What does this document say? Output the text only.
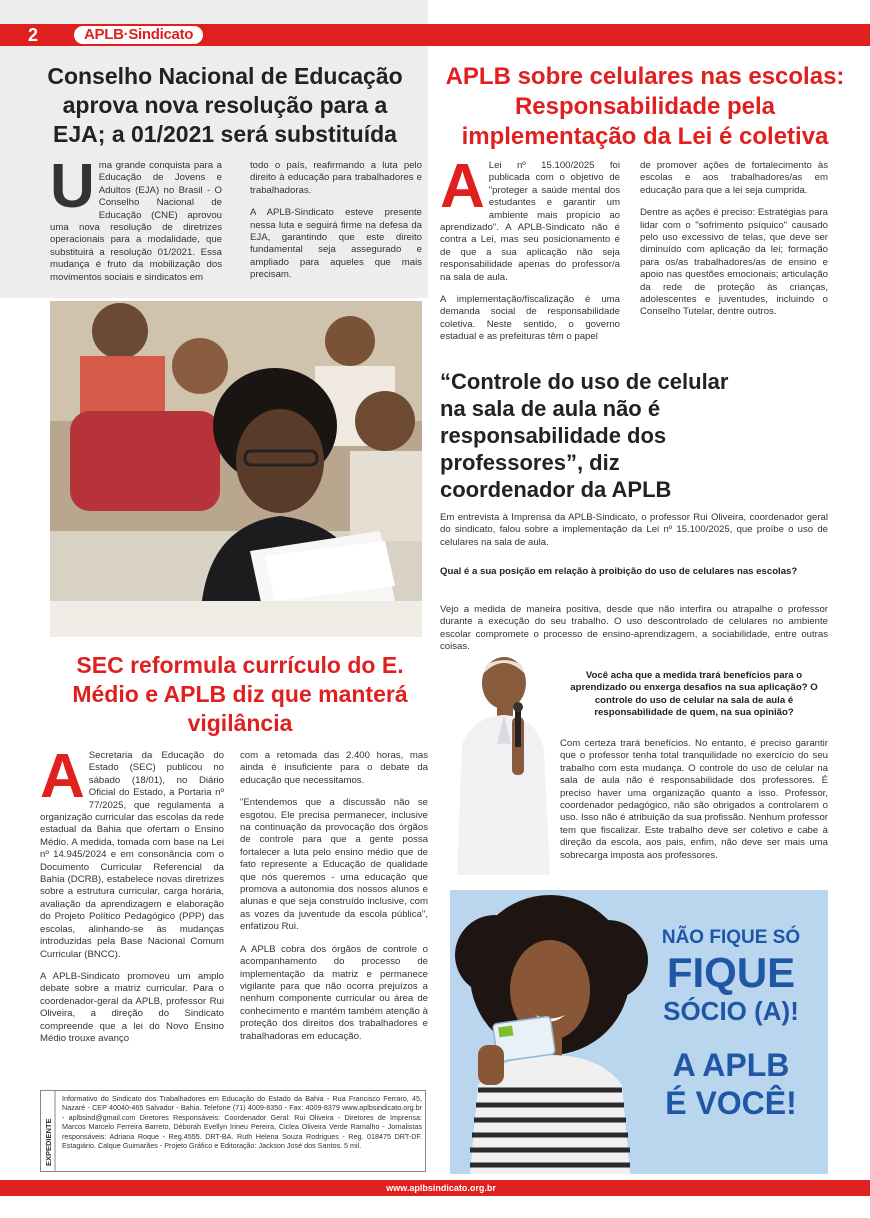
2	APLB·Sindicato
Conselho Nacional de Educação aprova nova resolução para a EJA; a 01/2021 será substituída
U ma grande conquista para a Educação de Jovens e Adultos (EJA) no Brasil - O Conselho Nacional de Educação (CNE) aprovou uma nova resolução de diretrizes operacionais para a modalidade, que substituirá a resolução 01/2021. Essa mudança é fruto da mobilização dos movimentos sociais e sindicatos em

todo o país, reafirmando a luta pelo direito à educação para trabalhadores e trabalhadoras.

A APLB-Sindicato esteve presente nessa luta e seguirá firme na defesa da EJA, garantindo que este direito fundamental seja assegurado e ampliado para aqueles que mais precisam.

APLB sobre celulares nas escolas: Responsabilidade pela implementação da Lei é coletiva

A Lei nº 15.100/2025 foi publicada com o objetivo de "proteger a saúde mental dos estudantes e garantir um ambiente mais propício ao aprendizado". A APLB-Sindicato não é contra a Lei, mas seu posicionamento é de que a sua aplicação não seja responsabilidade apenas do professor/a na sala de aula.

A implementação/fiscalização é uma demanda social de responsabilidade coletiva. Neste sentido, o governo estadual e as prefeituras têm o papel

de promover ações de fortalecimento às escolas e aos trabalhadores/as em educação para que a lei seja cumprida.

Dentre as ações é preciso: Estratégias para lidar com o "sofrimento psíquico" causado pelo uso excessivo de telas, que deve ser diminuído com aplicação da lei; formação para os/as trabalhadores/as de ensino e apoio nas questões emocionais; articulação da rede de proteção às crianças, adolescentes e juventudes, incluindo o Conselho Tutelar, dentre outros.

“Controle do uso de celular na sala de aula não é responsabilidade dos professores”, diz coordenador da APLB
Em entrevista à Imprensa da APLB-Sindicato, o professor Rui Oliveira, coordenador geral do sindicato, falou sobre a implementação da Lei nº 15.100/2025, que proíbe o uso de celulares na sala de aula.
Qual é a sua posição em relação à proibição do uso de celulares nas escolas?
Vejo a medida de maneira positiva, desde que não interfira ou atrapalhe o professor durante a execução do seu trabalho. O uso descontrolado de celulares no ambiente escolar compromete o processo de ensino-aprendizagem, a sociabilidade, entre outras coisas.
Você acha que a medida trará benefícios para o aprendizado ou enxerga desafios na sua aplicação? O controle do uso de celular na sala de aula é responsabilidade de quem, na sua opinião?
Com certeza trará benefícios. No entanto, é preciso garantir que o professor tenha total tranquilidade no exercício do seu trabalho com esta mudança. O controle do uso de celular na sala de aula não é responsabilidade dos professores. É preciso haver uma organização quanto a isso. Professor, coordenador pedagógico, não são obrigados a controlarem o uso. Isso não é atribuição da sua profissão. Nenhum professor tem que fiscalizar. Este trabalho deve ser coletivo e cabe à direção da escola, aos pais, enfim, não deve ser mais uma sobrecarga imposta aos professores.
SEC reformula currículo do E. Médio e APLB diz que manterá vigilância

A Secretaria da Educação do Estado (SEC) publicou no sábado (18/01), no Diário Oficial do Estado, a Portaria nº 77/2025, que regulamenta a organização curricular das escolas da rede estadual da Bahia que ofertam o Ensino Médio. A medida, tomada com base na Lei nº 14.945/2024 e em consonância com o Documento Curricular Referencial da Bahia (DCRB), estabelece novas diretrizes sobre a estrutura curricular, carga horária, avaliação da aprendizagem e elaboração do Projeto Político Pedagógico (PPP) das escolas, alinhando-se às mudanças introduzidas pela Base Nacional Comum Curricular (BNCC).

A APLB-Sindicato promoveu um amplo debate sobre a matriz curricular. Para o coordenador-geral da APLB, professor Rui Oliveira, a direção do Sindicato compreende que a lei do Novo Ensino Médio trouxe avanço

com a retomada das 2.400 horas, mas ainda é insuficiente para o debate da educação que necessitamos.

"Entendemos que a discussão não se esgotou. Ele precisa permanecer, inclusive na continuação da provocação dos órgãos de controle para que a gente possa fortalecer a luta pelo ensino médio que de fato represente a Educação de qualidade que nós queremos - uma educação que promova a autonomia dos nossos alunos e alunas e que seja construído inclusive, com as vozes da juventude da escola pública", enfatizou Rui.

A APLB cobra dos órgãos de controle o acompanhamento do processo de implementação da matriz e permanece vigilante para que não ocorra prejuízos a nenhum componente curricular ou área de conhecimento e mantém também atenção à proteção dos direitos dos trabalhadores e trabalhadoras em educação.

NÃO FIQUE SÓ
FIQUE
SÓCIO (A)!
A APLB
É VOCÊ!
EXPEDIENTE
Informativo do Sindicato dos Trabalhadores em Educação do Estado da Bahia - Rua Francisco Ferraro, 45, Nazaré - CEP 40040-465 Salvador - Bahia. Telefone (71) 4009-8350 - Fax: 4009-8379 www.aplbsindicato.org.br - aplbsind@gmail.com Diretores Responsáveis: Coordenador Geral: Rui Oliveira - Diretores de Imprensa: Marcos Marcelo Ferreira Barreto, Déborah Evellyn Irineu Pereira, Ciclea Oliveira Verde Ramalho - Jornalistas responsáveis: Adriana Roque - Reg.4555. DRT-BA. Ruth Helena Souza Rodrigues - Reg. 018475 DRT-DF. Estagiário. Calque Guimarães - Projeto Gráfico e Editoração: Jackson José dos Santos. 5 mil.
www.aplbsindicato.org.br
